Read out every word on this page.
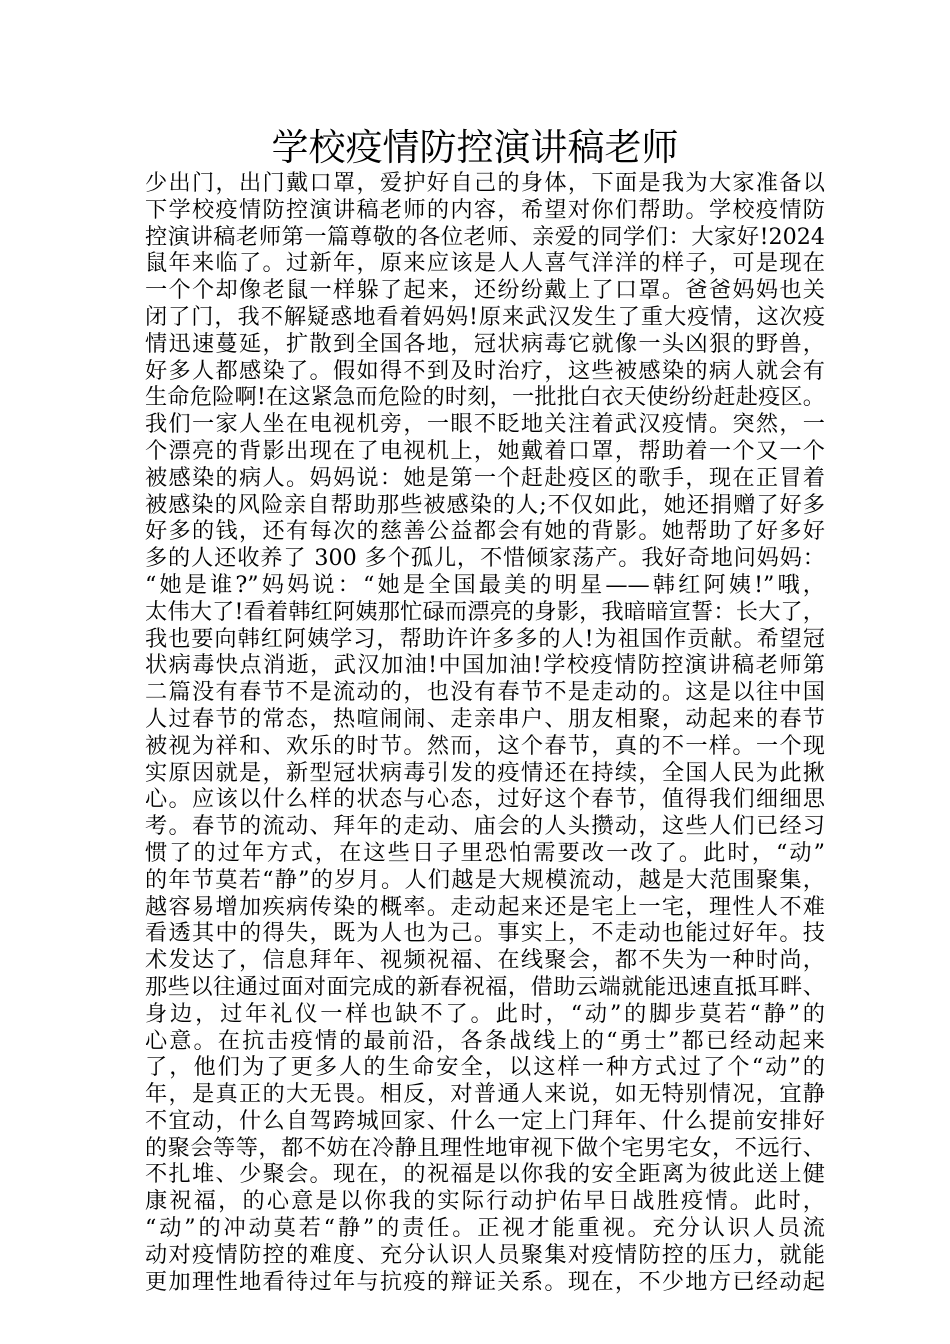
学校疫情防控演讲稿老师
少出门，出门戴口罩，爱护好自己的身体，下面是我为大家准备以
下学校疫情防控演讲稿老师的内容，希望对你们帮助。学校疫情防
控演讲稿老师第一篇尊敬的各位老师、亲爱的同学们：大家好!2024
鼠年来临了。过新年，原来应该是人人喜气洋洋的样子，可是现在
一个个却像老鼠一样躲了起来，还纷纷戴上了口罩。爸爸妈妈也关
闭了门，我不解疑惑地看着妈妈!原来武汉发生了重大疫情，这次疫
情迅速蔓延，扩散到全国各地，冠状病毒它就像一头凶狠的野兽，
好多人都感染了。假如得不到及时治疗，这些被感染的病人就会有
生命危险啊!在这紧急而危险的时刻，一批批白衣天使纷纷赶赴疫区。
我们一家人坐在电视机旁，一眼不眨地关注着武汉疫情。突然，一
个漂亮的背影出现在了电视机上，她戴着口罩，帮助着一个又一个
被感染的病人。妈妈说：她是第一个赶赴疫区的歌手，现在正冒着
被感染的风险亲自帮助那些被感染的人;不仅如此，她还捐赠了好多
好多的钱，还有每次的慈善公益都会有她的背影。她帮助了好多好
多的人还收养了 300 多个孤儿，不惜倾家荡产。我好奇地问妈妈：
“她是谁?”妈妈说：“她是全国最美的明星——韩红阿姨!”哦，
太伟大了!看着韩红阿姨那忙碌而漂亮的身影，我暗暗宣誓：长大了，
我也要向韩红阿姨学习，帮助许许多多的人!为祖国作贡献。希望冠
状病毒快点消逝，武汉加油!中国加油!学校疫情防控演讲稿老师第
二篇没有春节不是流动的，也没有春节不是走动的。这是以往中国
人过春节的常态，热喧闹闹、走亲串户、朋友相聚，动起来的春节
被视为祥和、欢乐的时节。然而，这个春节，真的不一样。一个现
实原因就是，新型冠状病毒引发的疫情还在持续，全国人民为此揪
心。应该以什么样的状态与心态，过好这个春节，值得我们细细思
考。春节的流动、拜年的走动、庙会的人头攒动，这些人们已经习
惯了的过年方式，在这些日子里恐怕需要改一改了。此时，“动”
的年节莫若“静”的岁月。人们越是大规模流动，越是大范围聚集，
越容易增加疾病传染的概率。走动起来还是宅上一宅，理性人不难
看透其中的得失，既为人也为己。事实上，不走动也能过好年。技
术发达了，信息拜年、视频祝福、在线聚会，都不失为一种时尚，
那些以往通过面对面完成的新春祝福，借助云端就能迅速直抵耳畔、
身边，过年礼仪一样也缺不了。此时，“动”的脚步莫若“静”的
心意。在抗击疫情的最前沿，各条战线上的“勇士”都已经动起来
了，他们为了更多人的生命安全，以这样一种方式过了个“动”的
年，是真正的大无畏。相反，对普通人来说，如无特别情况，宜静
不宜动，什么自驾跨城回家、什么一定上门拜年、什么提前安排好
的聚会等等，都不妨在冷静且理性地审视下做个宅男宅女，不远行、
不扎堆、少聚会。现在，的祝福是以你我的安全距离为彼此送上健
康祝福，的心意是以你我的实际行动护佑早日战胜疫情。此时，
“动”的冲动莫若“静”的责任。正视才能重视。充分认识人员流
动对疫情防控的难度、充分认识人员聚集对疫情防控的压力，就能
更加理性地看待过年与抗疫的辩证关系。现在，不少地方已经动起
